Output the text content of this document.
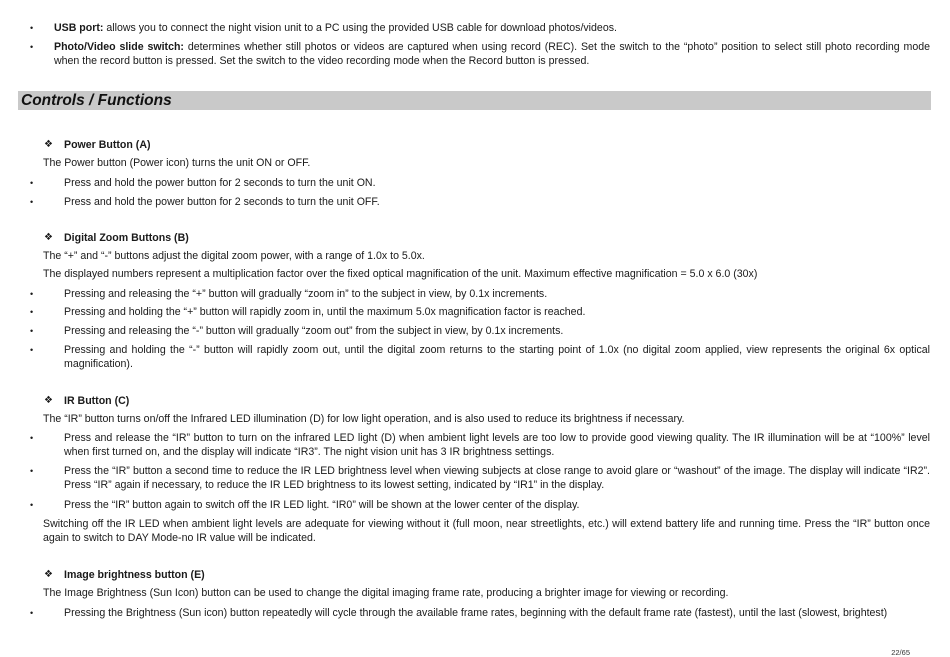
• USB port: allows you to connect the night vision unit to a PC using the provided USB cable for download photos/videos.
• Photo/Video slide switch: determines whether still photos or videos are captured when using record (REC). Set the switch to the “photo” position to select still photo recording mode when the record button is pressed. Set the switch to the video recording mode when the Record button is pressed.
Controls / Functions
❖ Power Button (A)
The Power button (Power icon) turns the unit ON or OFF.
•	Press and hold the power button for 2 seconds to turn the unit ON.
•	Press and hold the power button for 2 seconds to turn the unit OFF.
❖ Digital Zoom Buttons (B)
The “+” and “-” buttons adjust the digital zoom power, with a range of 1.0x to 5.0x.
The displayed numbers represent a multiplication factor over the fixed optical magnification of the unit. Maximum effective magnification = 5.0 x 6.0 (30x)
•	Pressing and releasing the “+” button will gradually “zoom in” to the subject in view, by 0.1x increments.
•	Pressing and holding the “+” button will rapidly zoom in, until the maximum 5.0x magnification factor is reached.
•	Pressing and releasing the “-” button will gradually “zoom out” from the subject in view, by 0.1x increments.
•	Pressing and holding the “-” button will rapidly zoom out, until the digital zoom returns to the starting point of 1.0x (no digital zoom applied, view represents the original 6x optical magnification).
❖ IR Button (C)
The “IR” button turns on/off the Infrared LED illumination (D) for low light operation, and is also used to reduce its brightness if necessary.
•	Press and release the “IR” button to turn on the infrared LED light (D) when ambient light levels are too low to provide good viewing quality. The IR illumination will be at “100%” level when first turned on, and the display will indicate “IR3”. The night vision unit has 3 IR brightness settings.
•	Press the “IR” button a second time to reduce the IR LED brightness level when viewing subjects at close range to avoid glare or “washout” of the image. The display will indicate “IR2”. Press “IR” again if necessary, to reduce the IR LED brightness to its lowest setting, indicated by “IR1” in the display.
•	Press the “IR” button again to switch off the IR LED light. “IR0” will be shown at the lower center of the display.
Switching off the IR LED when ambient light levels are adequate for viewing without it (full moon, near streetlights, etc.) will extend battery life and running time. Press the “IR” button once again to switch to DAY Mode-no IR value will be indicated.
❖ Image brightness button (E)
The Image Brightness (Sun Icon) button can be used to change the digital imaging frame rate, producing a brighter image for viewing or recording.
•	Pressing the Brightness (Sun icon) button repeatedly will cycle through the available frame rates, beginning with the default frame rate (fastest), until the last (slowest, brightest)
22/65
